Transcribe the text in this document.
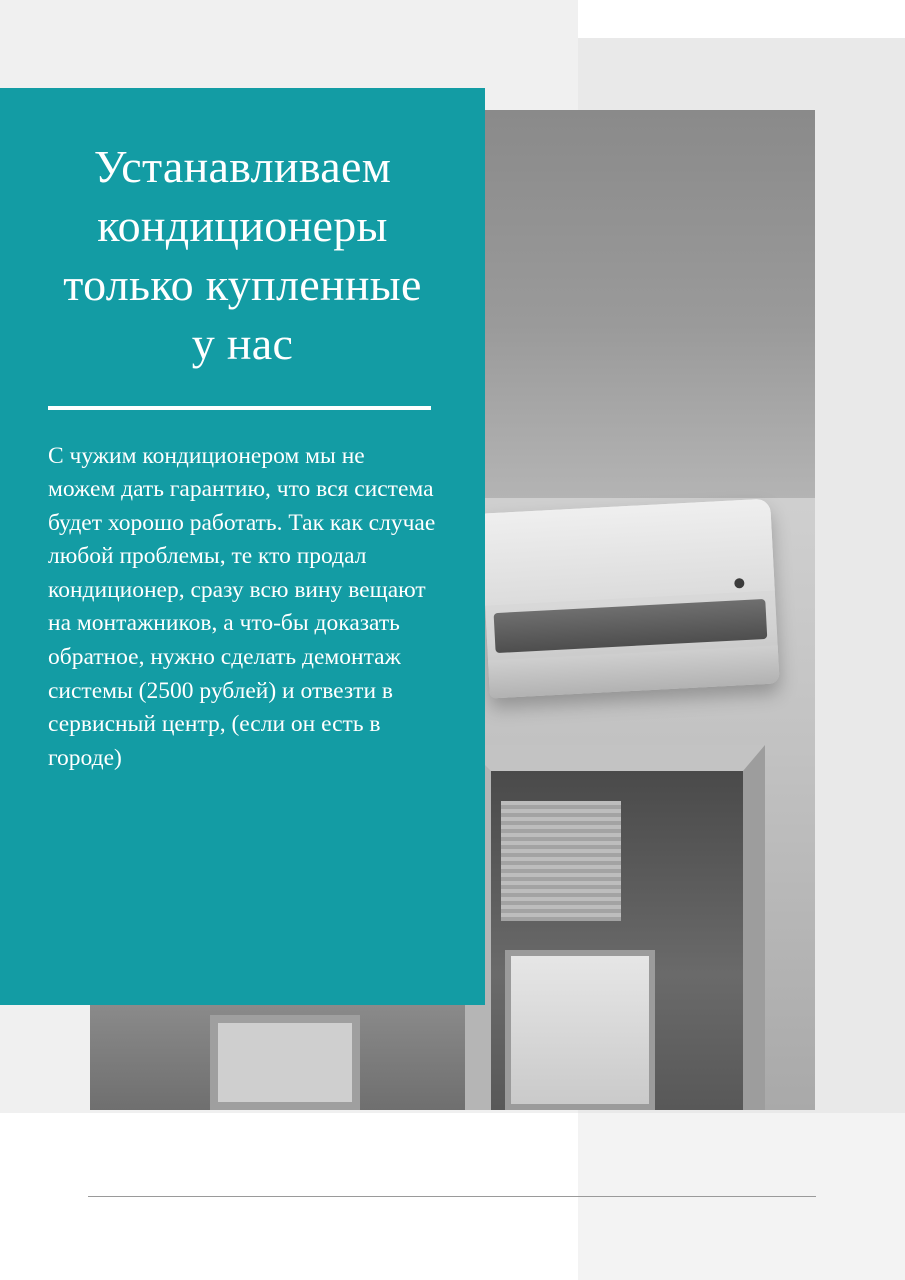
Устанавливаем кондиционеры только купленные у нас

С чужим кондиционером мы не можем дать гарантию, что вся система будет хорошо работать. Так как случае любой проблемы, те кто продал кондиционер, сразу всю вину вещают на монтажников, а что-бы доказать обратное, нужно сделать демонтаж системы (2500 рублей) и отвезти в сервисный центр, (если он есть в городе)
